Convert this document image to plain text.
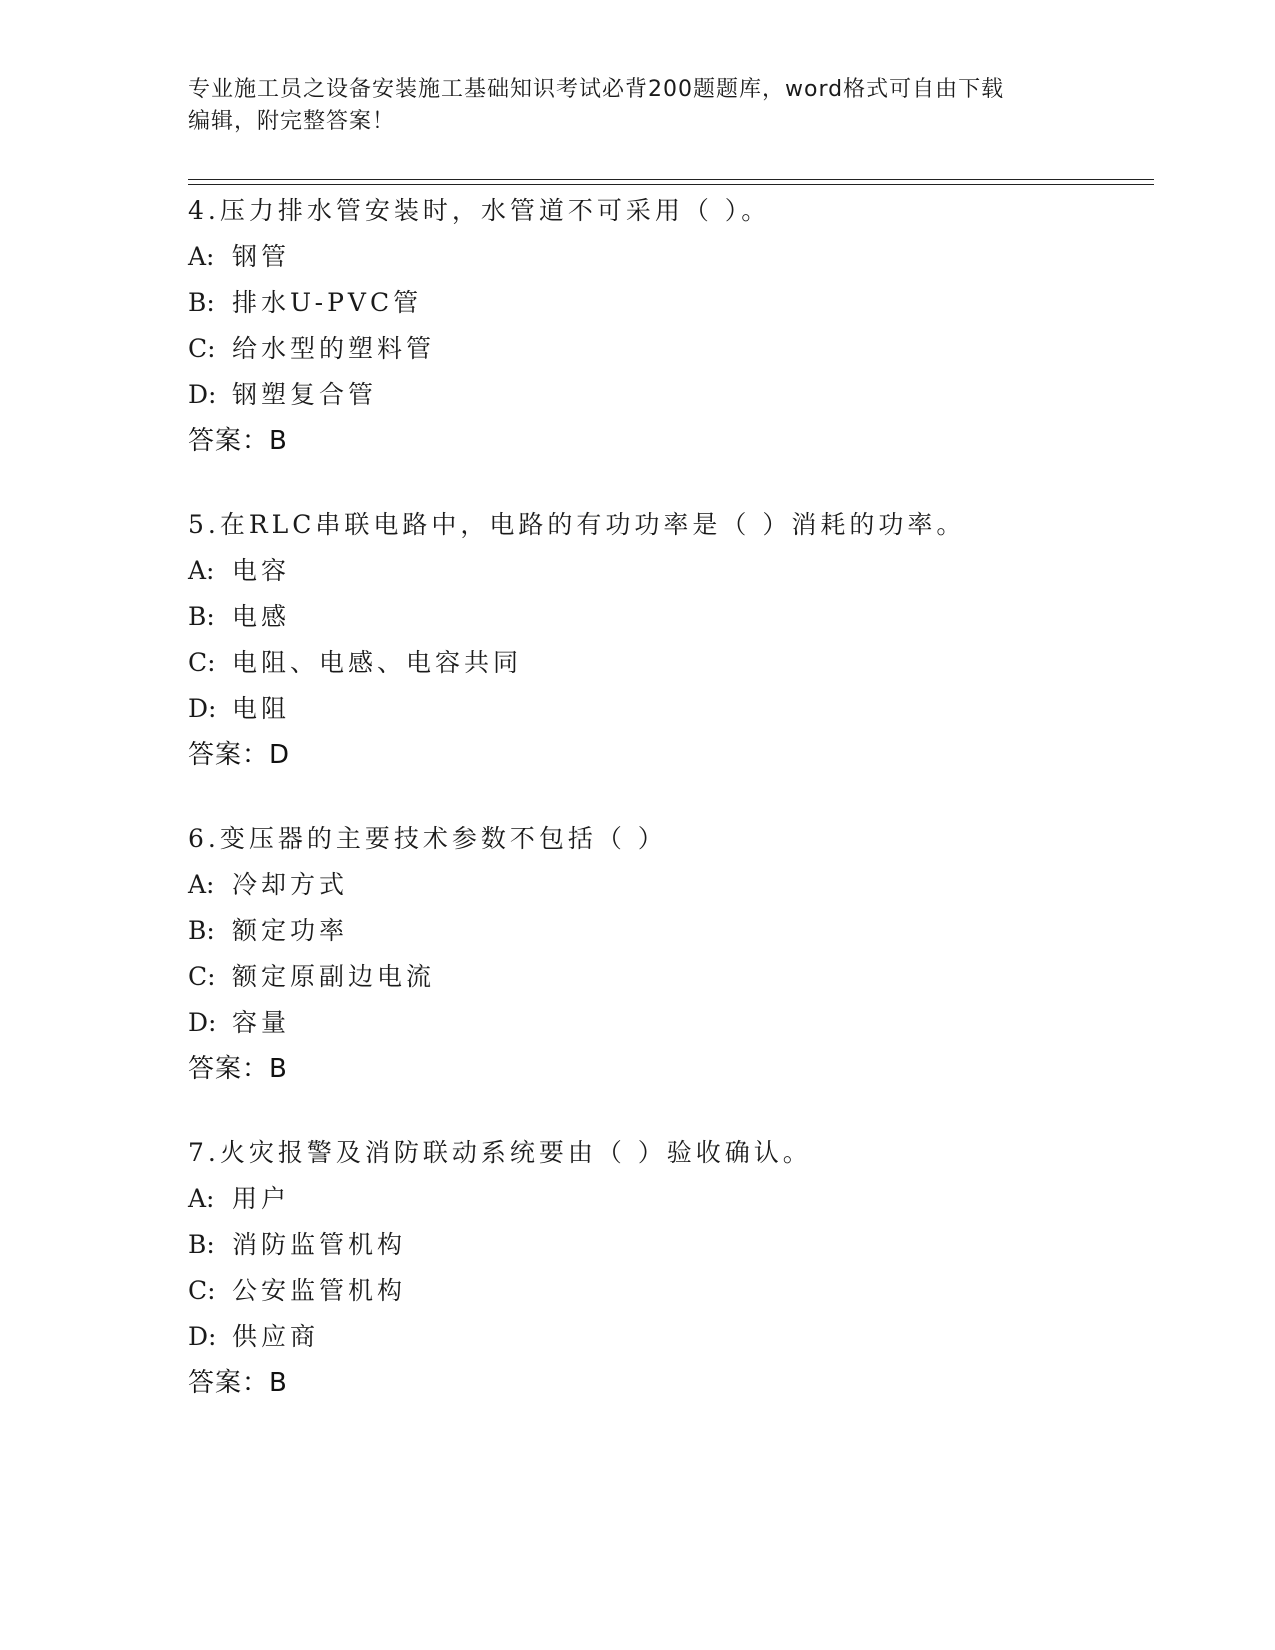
专业施工员之设备安装施工基础知识考试必背200题题库，word格式可自由下载
编辑，附完整答案！
4.压力排水管安装时，水管道不可采用（ ）。
A: 钢管
B: 排水U-PVC管
C: 给水型的塑料管
D: 钢塑复合管
答案：B
5.在RLC串联电路中，电路的有功功率是（ ）消耗的功率。
A: 电容
B: 电感
C: 电阻、电感、电容共同
D: 电阻
答案：D
6.变压器的主要技术参数不包括（ ）
A: 冷却方式
B: 额定功率
C: 额定原副边电流
D: 容量
答案：B
7.火灾报警及消防联动系统要由（ ）验收确认。
A: 用户
B: 消防监管机构
C: 公安监管机构
D: 供应商
答案：B
